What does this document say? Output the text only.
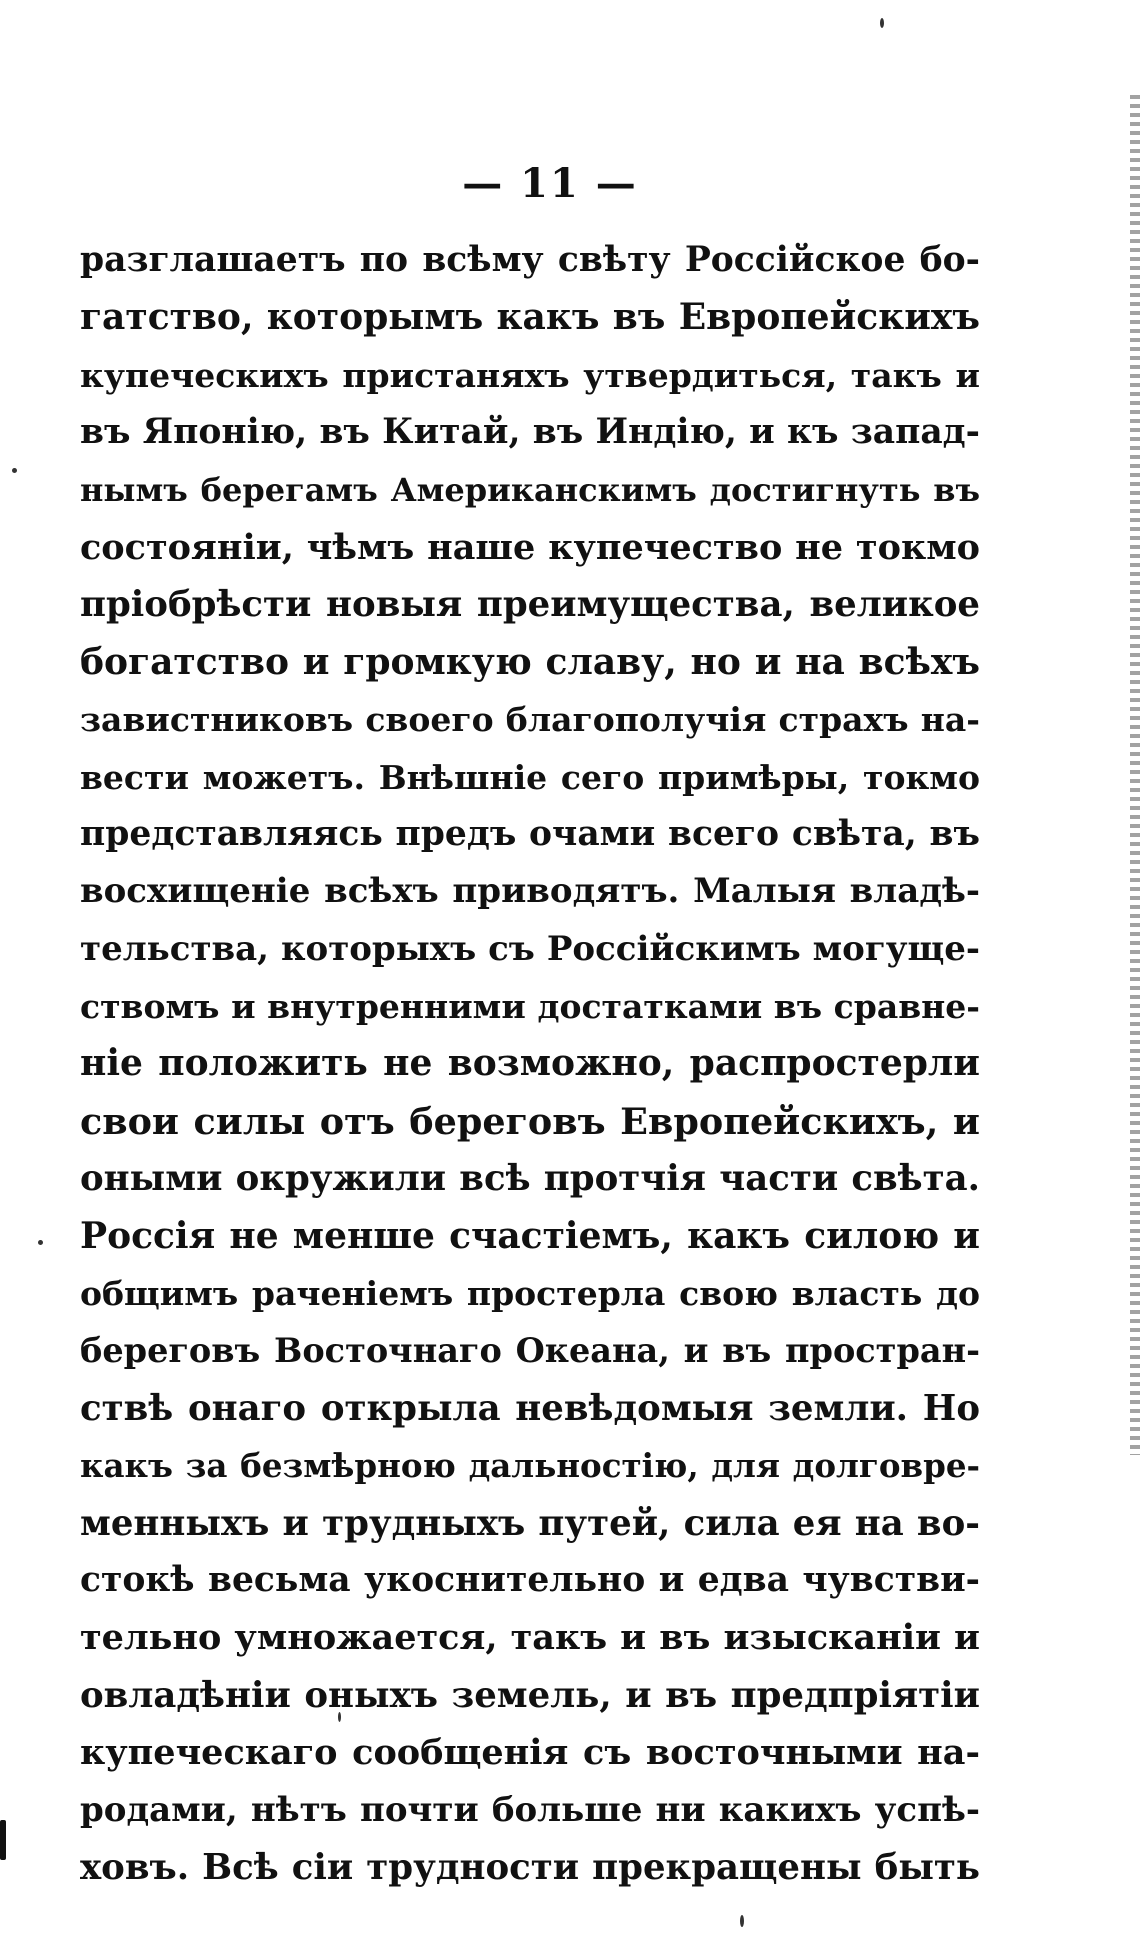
— 11 —
разглашаетъ по всѣму свѣту Россійское бо-
гатство, которымъ какъ въ Европейскихъ
купеческихъ пристаняхъ утвердиться, такъ и
въ Японію, въ Китай, въ Индію, и къ запад-
нымъ берегамъ Американскимъ достигнуть въ
состояніи, чѣмъ наше купечество не токмо
пріобрѣсти новыя преимущества, великое
богатство и громкую славу, но и на всѣхъ
завистниковъ своего благополучія страхъ на-
вести можетъ. Внѣшніе сего примѣры, токмо
представляясь предъ очами всего свѣта, въ
восхищеніе всѣхъ приводятъ. Малыя владѣ-
тельства, которыхъ съ Россійскимъ могуще-
ствомъ и внутренними достатками въ сравне-
ніе положить не возможно, распростерли
свои силы отъ береговъ Европейскихъ, и
оными окружили всѣ протчія части свѣта.
Россія не менше счастіемъ, какъ силою и
общимъ раченіемъ простерла свою власть до
береговъ Восточнаго Океана, и въ простран-
ствѣ онаго открыла невѣдомыя земли. Но
какъ за безмѣрною дальностію, для долговре-
менныхъ и трудныхъ путей, сила ея на во-
стокѣ весьма укоснительно и едва чувстви-
тельно умножается, такъ и въ изысканіи и
овладѣніи оныхъ земель, и въ предпріятіи
купеческаго сообщенія съ восточными на-
родами, нѣтъ почти больше ни какихъ успѣ-
ховъ. Всѣ сіи трудности прекращены быть
